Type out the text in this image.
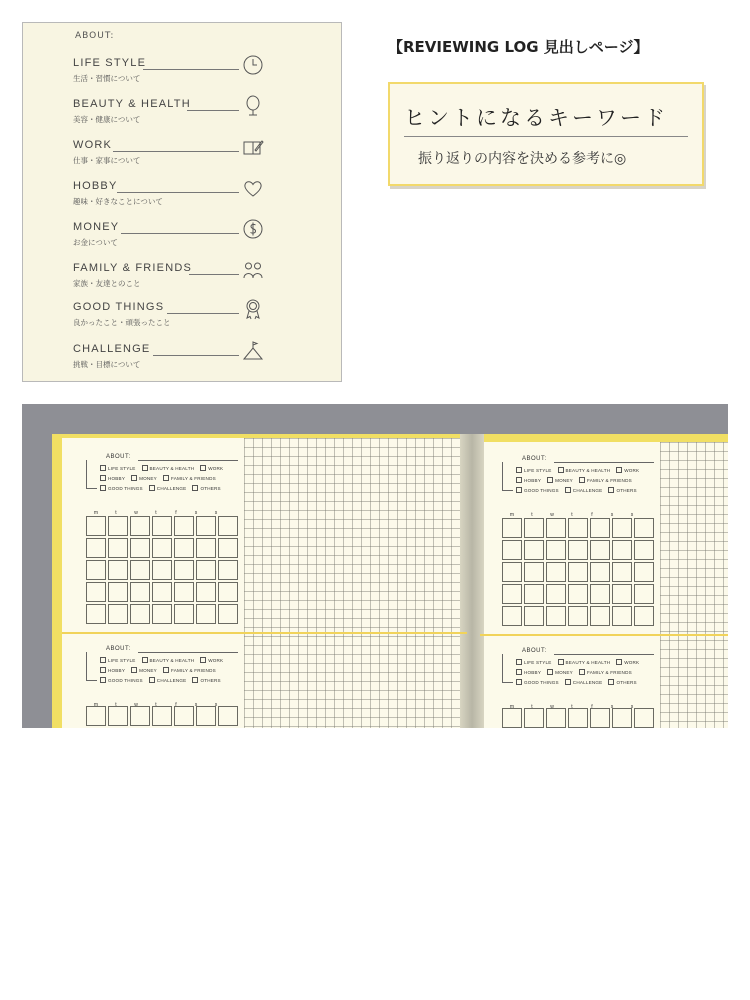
ABOUT:
LIFE STYLE
生活・習慣について
BEAUTY & HEALTH
美容・健康について
WORK
仕事・家事について
HOBBY
趣味・好きなことについて
MONEY
お金について
FAMILY & FRIENDS
家族・友達とのこと
GOOD THINGS
良かったこと・頑張ったこと
CHALLENGE
挑戦・目標について
【REVIEWING LOG 見出しページ】
ヒントになるキーワード
振り返りの内容を決める参考に◎
ABOUT:
LIFE STYLE	BEAUTY & HEALTH	WORK
HOBBY	MONEY	FAMILY & FRIENDS
GOOD THINGS	CHALLENGE	OTHERS
m	t	w	t	f	s	s
ABOUT:
LIFE STYLE	BEAUTY & HEALTH	WORK
HOBBY	MONEY	FAMILY & FRIENDS
GOOD THINGS	CHALLENGE	OTHERS
m	t	w	t	f	s	s
ABOUT:
LIFE STYLE	BEAUTY & HEALTH	WORK
HOBBY	MONEY	FAMILY & FRIENDS
GOOD THINGS	CHALLENGE	OTHERS
m	t	w	t	f	s	s
ABOUT:
LIFE STYLE	BEAUTY & HEALTH	WORK
HOBBY	MONEY	FAMILY & FRIENDS
GOOD THINGS	CHALLENGE	OTHERS
m	t	w	t	f	s	s
